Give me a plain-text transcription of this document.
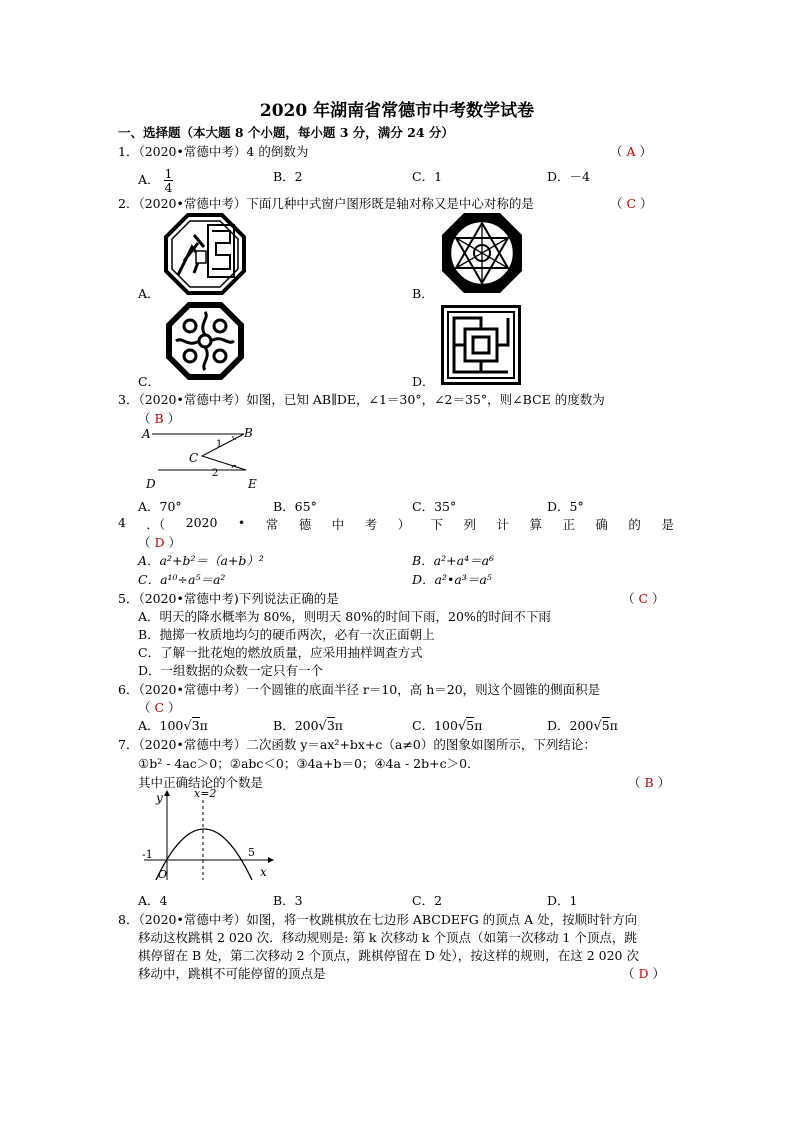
2020 年湖南省常德市中考数学试卷
一、选择题（本大题 8 个小题，每小题 3 分，满分 24 分）
1．（2020•常德中考）4 的倒数为	（ A ）
A． $\frac{1}{4}$	B．2	C．1	D．－4
2．（2020•常德中考）下面几种中式窗户图形既是轴对称又是中心对称的是	（ C ）
A．	B．
C．	D．
3．（2020•常德中考）如图，已知 AB∥DE，∠1＝30°，∠2＝35°，则∠BCE 的度数为
（ B ）
A	B
C
D	E
1
2
A．70°	B．65°	C．35°	D．5°
4 ．（ 2020 • 常 德 中 考 ） 下 列 计 算 正 确 的 是
（ D ）
A．a²+b²＝（a+b）²	B．a²+a⁴＝a⁶
C．a¹⁰÷a⁵＝a²	D．a²•a³＝a⁵
5．（2020•常德中考)下列说法正确的是	（ C ）
A．明天的降水概率为 80%，则明天 80%的时间下雨，20%的时间不下雨
B．抛掷一枚质地均匀的硬币两次，必有一次正面朝上
C．了解一批花炮的燃放质量，应采用抽样调查方式
D．一组数据的众数一定只有一个
6．（2020•常德中考）一个圆锥的底面半径 r＝10，高 h＝20，则这个圆锥的侧面积是
（ C ）
A．100√3π	B．200√3π	C．100√5π	D．200√5π
7．（2020•常德中考）二次函数 y＝ax²+bx+c（a≠0）的图象如图所示，下列结论：
①b² - 4ac＞0；②abc＜0；③4a+b＝0；④4a - 2b+c＞0．
其中正确结论的个数是	（ B ）
y
x
x=2
-1	5
O
A．4	B．3	C．2	D．1
8．（2020•常德中考）如图，将一枚跳棋放在七边形 ABCDEFG 的顶点 A 处，按顺时针方向
移动这枚跳棋 2 020 次．移动规则是: 第 k 次移动 k 个顶点（如第一次移动 1 个顶点，跳
棋停留在 B 处，第二次移动 2 个顶点，跳棋停留在 D 处），按这样的规则，在这 2 020 次
移动中，跳棋不可能停留的顶点是	（ D ）
